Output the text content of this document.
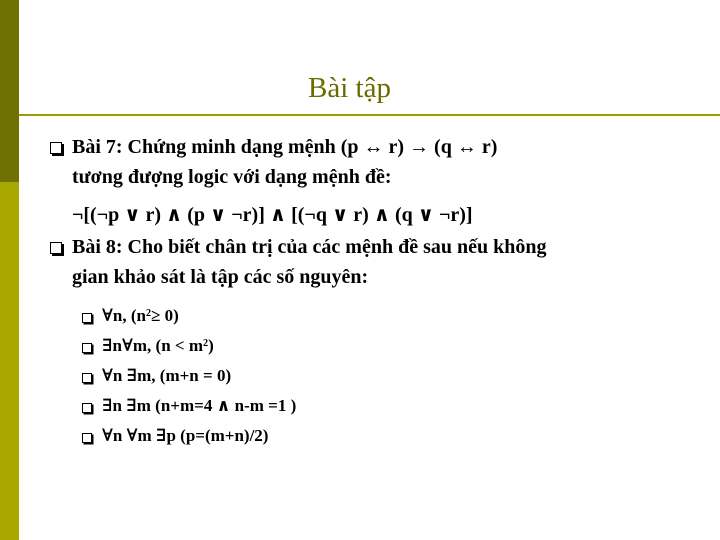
Bài tập
Bài 7: Chứng minh dạng mệnh (p ↔ r) → (q ↔ r)
tương đượng logic với dạng mệnh đề:
¬[(¬p ∨ r) ∧ (p ∨ ¬r)] ∧ [(¬q ∨ r) ∧ (q ∨ ¬r)]
Bài 8: Cho biết chân trị của các mệnh đề sau nếu không
gian khảo sát là tập các số nguyên:
∀n, $(n^2\ge 0)$
∃n∀m, $(n < m^2)$
∀n ∃m, (m+n = 0)
∃n ∃m (n+m=4 ∧ n-m =1 )
∀n ∀m ∃p (p=(m+n)/2)
